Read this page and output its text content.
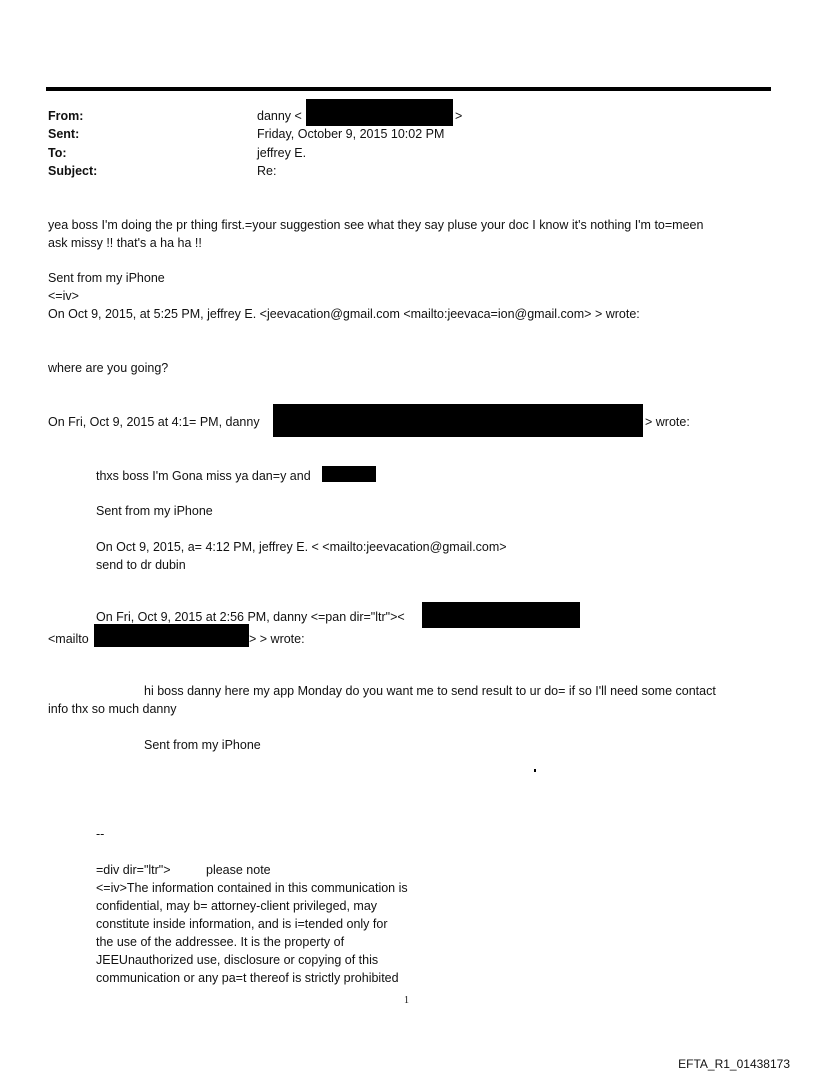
From:	danny <	>
Sent:	Friday, October 9, 2015 10:02 PM
To:	jeffrey E.
Subject:	Re:
yea boss I'm doing the pr thing first.=your suggestion see what they say pluse your doc I know it's nothing I'm to=meen
ask missy !! that's a ha ha !!
Sent from my iPhone
<=iv>
On Oct 9, 2015, at 5:25 PM, jeffrey E. <jeevacation@gmail.com <mailto:jeevaca=ion@gmail.com> > wrote:
where are you going?
On Fri, Oct 9, 2015 at 4:1= PM, danny	> wrote:
thxs boss I'm Gona miss ya dan=y and
Sent from my iPhone
On Oct 9, 2015, a= 4:12 PM, jeffrey E. < <mailto:jeevacation@gmail.com>
send to dr dubin
On Fri, Oct 9, 2015 at 2:56 PM, danny <=pan dir="ltr"><
<mailto	> > wrote:
hi boss danny here my app Monday do you want me to send result to ur do= if so I'll need some contact
info thx so much danny
Sent from my iPhone
--
=div dir="ltr">	please note
<=iv>The information contained in this communication is
confidential, may b= attorney-client privileged, may
constitute inside information, and is i=tended only for
the use of the addressee. It is the property of
JEEUnauthorized use, disclosure or copying of this
communication or any pa=t thereof is strictly prohibited
1
EFTA_R1_01438173
